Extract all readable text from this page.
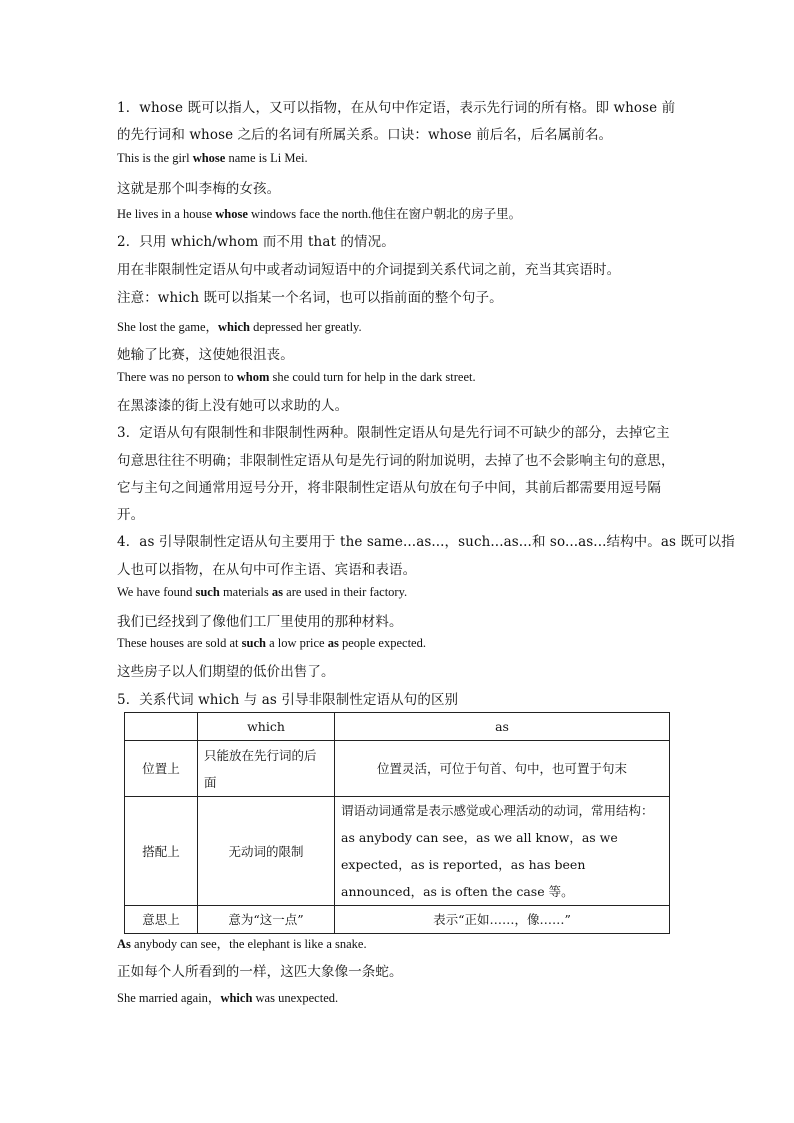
1．whose 既可以指人，又可以指物，在从句中作定语，表示先行词的所有格。即 whose 前
的先行词和 whose 之后的名词有所属关系。口诀：whose 前后名，后名属前名。
This is the girl whose name is Li Mei.
这就是那个叫李梅的女孩。
He lives in a house whose windows face the north.他住在窗户朝北的房子里。
2．只用 which/whom 而不用 that 的情况。
用在非限制性定语从句中或者动词短语中的介词提到关系代词之前，充当其宾语时。
注意：which 既可以指某一个名词，也可以指前面的整个句子。
She lost the game，which depressed her greatly.
她输了比赛，这使她很沮丧。
There was no person to whom she could turn for help in the dark street.
在黑漆漆的街上没有她可以求助的人。
3．定语从句有限制性和非限制性两种。限制性定语从句是先行词不可缺少的部分，去掉它主
句意思往往不明确；非限制性定语从句是先行词的附加说明，去掉了也不会影响主句的意思，
它与主句之间通常用逗号分开，将非限制性定语从句放在句子中间，其前后都需要用逗号隔
开。
4．as 引导限制性定语从句主要用于 the same...as...，such...as...和 so...as...结构中。as 既可以指
人也可以指物，在从句中可作主语、宾语和表语。
We have found such materials as are used in their factory.
我们已经找到了像他们工厂里使用的那种材料。
These houses are sold at such a low price as people expected.
这些房子以人们期望的低价出售了。
5．关系代词 which 与 as 引导非限制性定语从句的区别
	which	as
位置上	只能放在先行词的后面	位置灵活，可位于句首、句中，也可置于句末
搭配上	无动词的限制	谓语动词通常是表示感觉或心理活动的动词，常用结构：as anybody can see，as we all know，as we expected，as is reported，as has been announced，as is often the case 等。
意思上	意为“这一点”	表示“正如……，像……”
As anybody can see，the elephant is like a snake.
正如每个人所看到的一样，这匹大象像一条蛇。
She married again，which was unexpected.
